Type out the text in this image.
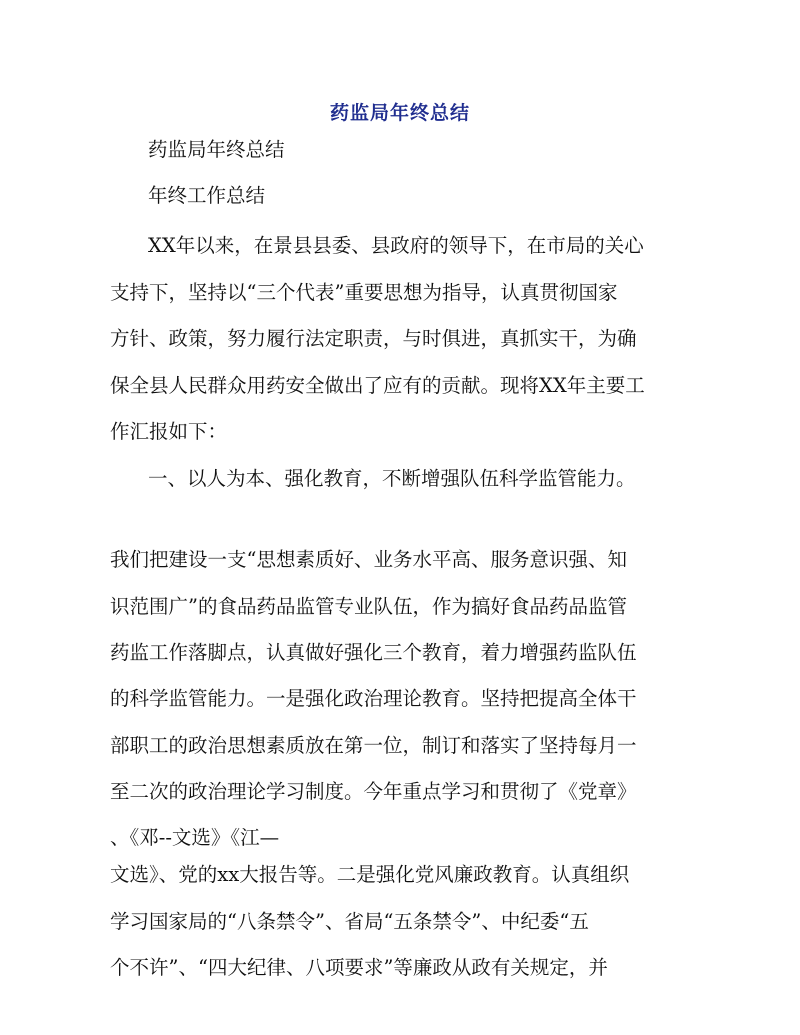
药监局年终总结
药监局年终总结
年终工作总结
XX年以来，在景县县委、县政府的领导下，在市局的关心
支持下，坚持以“三个代表”重要思想为指导，认真贯彻国家
方针、政策，努力履行法定职责，与时俱进，真抓实干，为确
保全县人民群众用药安全做出了应有的贡献。现将XX年主要工
作汇报如下：
一、以人为本、强化教育，不断增强队伍科学监管能力。
我们把建设一支“思想素质好、业务水平高、服务意识强、知
识范围广”的食品药品监管专业队伍，作为搞好食品药品监管
药监工作落脚点，认真做好强化三个教育，着力增强药监队伍
的科学监管能力。一是强化政治理论教育。坚持把提高全体干
部职工的政治思想素质放在第一位，制订和落实了坚持每月一
至二次的政治理论学习制度。今年重点学习和贯彻了《党章》
、《邓--文选》《江—
文选》、党的xx大报告等。二是强化党风廉政教育。认真组织
学习国家局的“八条禁令”、省局“五条禁令”、中纪委“五
个不许”、“四大纪律、八项要求”等廉政从政有关规定，并
